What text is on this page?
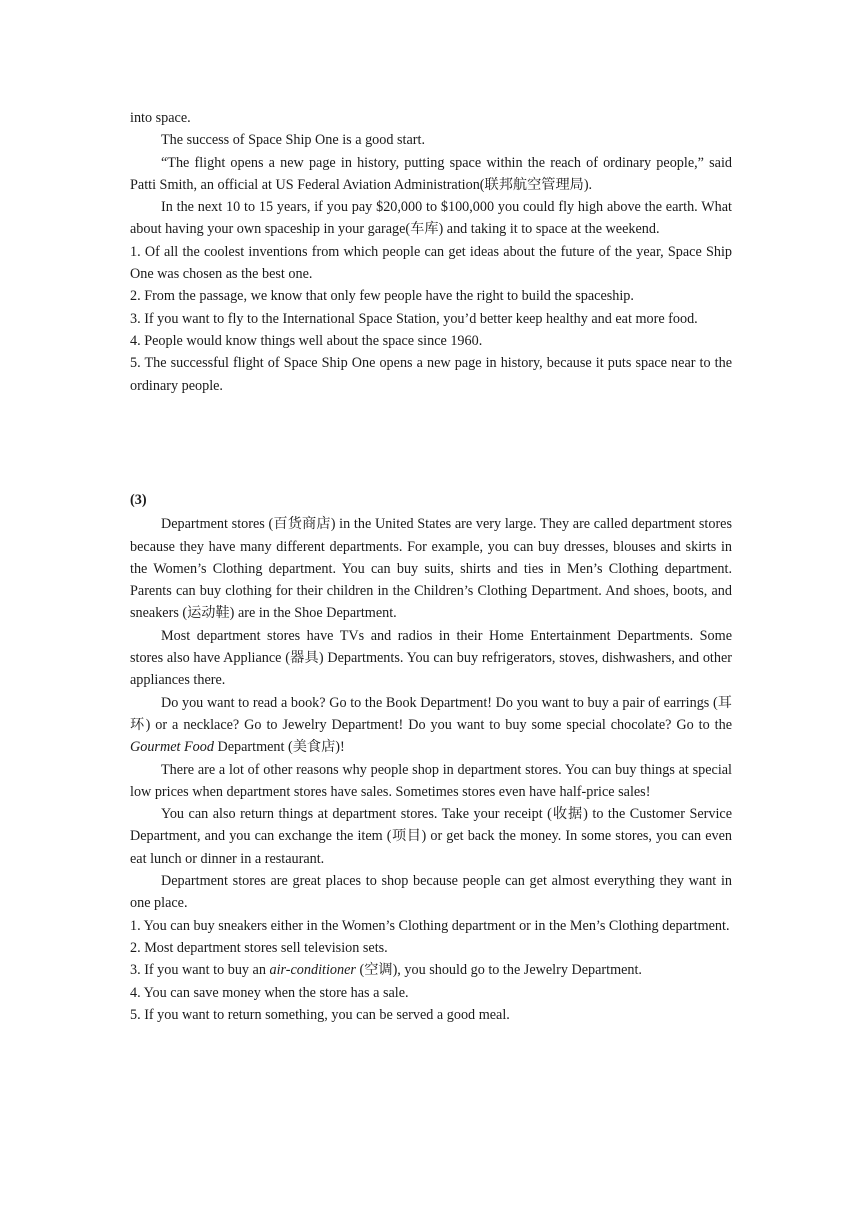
into space.

The success of Space Ship One is a good start.

“The flight opens a new page in history, putting space within the reach of ordinary people,” said Patti Smith, an official at US Federal Aviation Administration(联邦航空管理局).

In the next 10 to 15 years, if you pay $20,000 to $100,000 you could fly high above the earth. What about having your own spaceship in your garage(车库) and taking it to space at the weekend.

1. Of all the coolest inventions from which people can get ideas about the future of the year, Space Ship One was chosen as the best one.

2. From the passage, we know that only few people have the right to build the spaceship.

3. If you want to fly to the International Space Station, you’d better keep healthy and eat more food.

4. People would know things well about the space since 1960.

5. The successful flight of Space Ship One opens a new page in history, because it puts space near to the ordinary people.

(3)

Department stores (百货商店) in the United States are very large. They are called department stores because they have many different departments. For example, you can buy dresses, blouses and skirts in the Women’s Clothing department. You can buy suits, shirts and ties in Men’s Clothing department. Parents can buy clothing for their children in the Children’s Clothing Department. And shoes, boots, and sneakers (运动鞋) are in the Shoe Department.

Most department stores have TVs and radios in their Home Entertainment Departments. Some stores also have Appliance (器具) Departments. You can buy refrigerators, stoves, dishwashers, and other appliances there.

Do you want to read a book? Go to the Book Department! Do you want to buy a pair of earrings (耳环) or a necklace? Go to Jewelry Department! Do you want to buy some special chocolate? Go to the Gourmet Food Department (美食店)!

There are a lot of other reasons why people shop in department stores. You can buy things at special low prices when department stores have sales. Sometimes stores even have half-price sales!

You can also return things at department stores. Take your receipt (收据) to the Customer Service Department, and you can exchange the item (项目) or get back the money. In some stores, you can even eat lunch or dinner in a restaurant.

Department stores are great places to shop because people can get almost everything they want in one place.

1. You can buy sneakers either in the Women’s Clothing department or in the Men’s Clothing department.

2. Most department stores sell television sets.

3. If you want to buy an air-conditioner (空调), you should go to the Jewelry Department.

4. You can save money when the store has a sale.

5. If you want to return something, you can be served a good meal.
